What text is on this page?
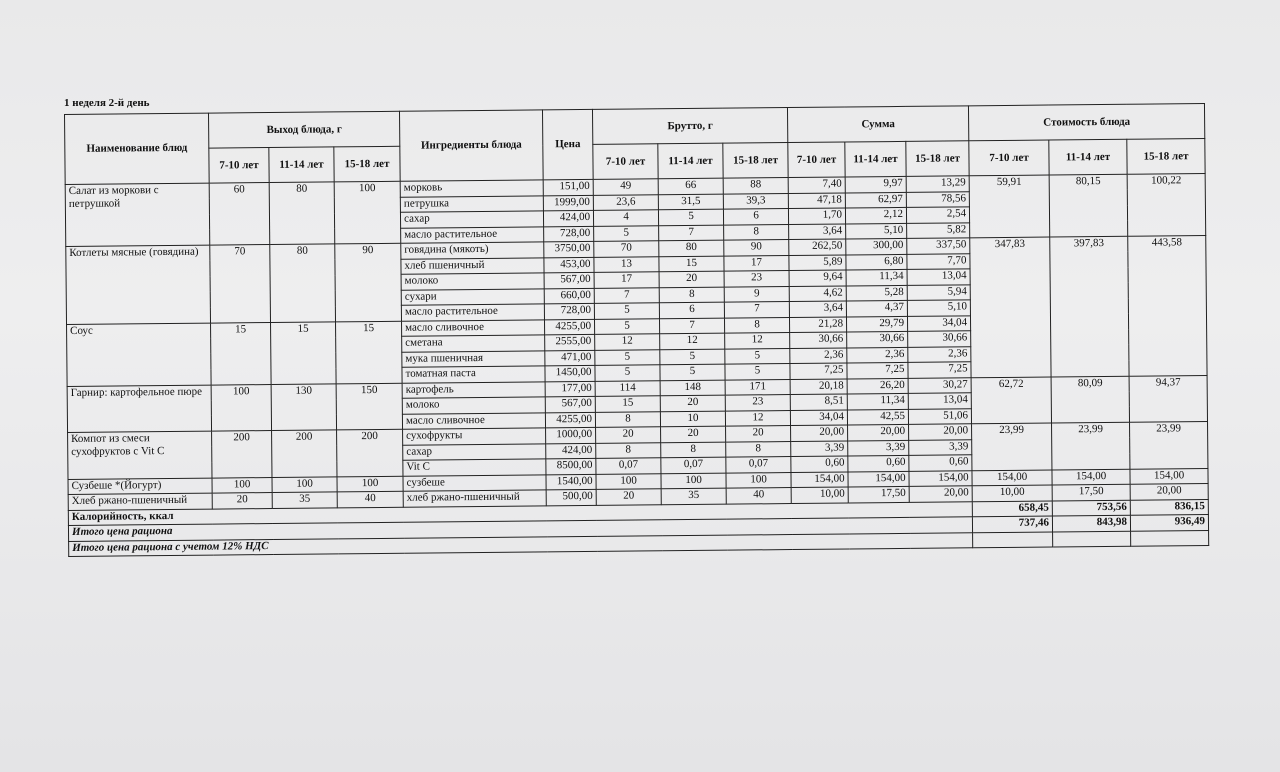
1 неделя 2-й день
Наименование блюд	Выход блюда, г			Ингредиенты блюда	Цена	Брутто, г			Сумма			Стоимость блюда		
	7-10 лет	11-14 лет	15-18 лет			7-10 лет	11-14 лет	15-18 лет	7-10 лет	11-14 лет	15-18 лет	7-10 лет	11-14 лет	15-18 лет
Салат из моркови с петрушкой	60	80	100	морковь	151,00	49	66	88	7,40	9,97	13,29	59,91	80,15	100,22
				петрушка	1999,00	23,6	31,5	39,3	47,18	62,97	78,56			
				сахар	424,00	4	5	6	1,70	2,12	2,54			
				масло растительное	728,00	5	7	8	3,64	5,10	5,82			
Котлеты мясные (говядина)	70	80	90	говядина (мякоть)	3750,00	70	80	90	262,50	300,00	337,50	347,83	397,83	443,58
				хлеб пшеничный	453,00	13	15	17	5,89	6,80	7,70			
				молоко	567,00	17	20	23	9,64	11,34	13,04			
				сухари	660,00	7	8	9	4,62	5,28	5,94			
				масло растительное	728,00	5	6	7	3,64	4,37	5,10			
Соус	15	15	15	масло сливочное	4255,00	5	7	8	21,28	29,79	34,04			
				сметана	2555,00	12	12	12	30,66	30,66	30,66			
				мука пшеничная	471,00	5	5	5	2,36	2,36	2,36			
				томатная паста	1450,00	5	5	5	7,25	7,25	7,25			
Гарнир: картофельное пюре	100	130	150	картофель	177,00	114	148	171	20,18	26,20	30,27	62,72	80,09	94,37
				молоко	567,00	15	20	23	8,51	11,34	13,04			
				масло сливочное	4255,00	8	10	12	34,04	42,55	51,06			
Компот из смеси сухофруктов с Vit C	200	200	200	сухофрукты	1000,00	20	20	20	20,00	20,00	20,00	23,99	23,99	23,99
				сахар	424,00	8	8	8	3,39	3,39	3,39			
				Vit C	8500,00	0,07	0,07	0,07	0,60	0,60	0,60			
Сузбеше *(Йогурт)	100	100	100	сузбеше	1540,00	100	100	100	154,00	154,00	154,00	154,00	154,00	154,00
Хлеб ржано-пшеничный	20	35	40	хлеб ржано-пшеничный	500,00	20	35	40	10,00	17,50	20,00	10,00	17,50	20,00
Калорийность, ккал												658,45	753,56	836,15
Итого цена рациона												737,46	843,98	936,49
Итого цена рациона с учетом 12% НДС														
